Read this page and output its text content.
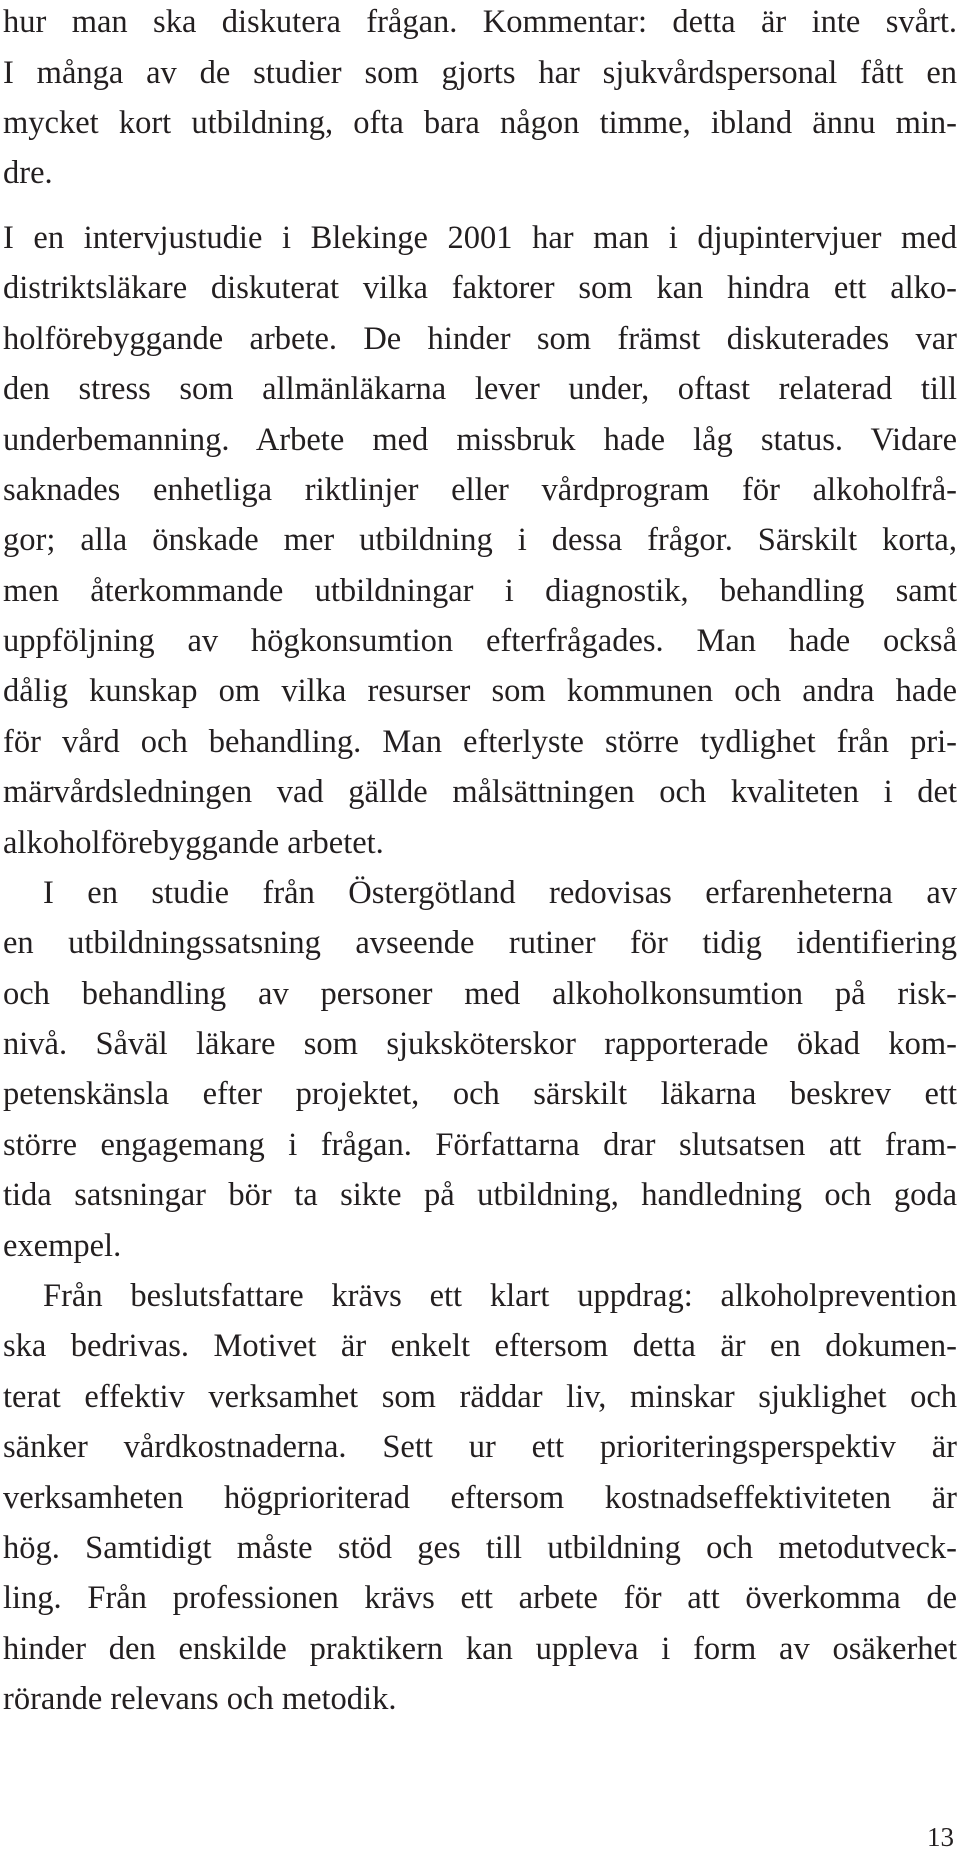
hur man ska diskutera frågan. Kommentar: detta är inte svårt.
I många av de studier som gjorts har sjukvårdspersonal fått en
mycket kort utbildning, ofta bara någon timme, ibland ännu min-
dre.
I en intervjustudie i Blekinge 2001 har man i djupintervjuer med
distriktsläkare diskuterat vilka faktorer som kan hindra ett alko-
holförebyggande arbete. De hinder som främst diskuterades var
den stress som allmänläkarna lever under, oftast relaterad till
underbemanning. Arbete med missbruk hade låg status. Vidare
saknades enhetliga riktlinjer eller vårdprogram för alkoholfrå-
gor; alla önskade mer utbildning i dessa frågor. Särskilt korta,
men återkommande utbildningar i diagnostik, behandling samt
uppföljning av högkonsumtion efterfrågades. Man hade också
dålig kunskap om vilka resurser som kommunen och andra hade
för vård och behandling. Man efterlyste större tydlighet från pri-
märvårdsledningen vad gällde målsättningen och kvaliteten i det
alkoholförebyggande arbetet.
I en studie från Östergötland redovisas erfarenheterna av
en utbildningssatsning avseende rutiner för tidig identifiering
och behandling av personer med alkoholkonsumtion på risk-
nivå. Såväl läkare som sjuksköterskor rapporterade ökad kom-
petenskänsla efter projektet, och särskilt läkarna beskrev ett
större engagemang i frågan. Författarna drar slutsatsen att fram-
tida satsningar bör ta sikte på utbildning, handledning och goda
exempel.
Från beslutsfattare krävs ett klart uppdrag: alkoholprevention
ska bedrivas. Motivet är enkelt eftersom detta är en dokumen-
terat effektiv verksamhet som räddar liv, minskar sjuklighet och
sänker vårdkostnaderna. Sett ur ett prioriteringsperspektiv är
verksamheten högprioriterad eftersom kostnadseffektiviteten är
hög. Samtidigt måste stöd ges till utbildning och metodutveck-
ling. Från professionen krävs ett arbete för att överkomma de
hinder den enskilde praktikern kan uppleva i form av osäkerhet
rörande relevans och metodik.
13
